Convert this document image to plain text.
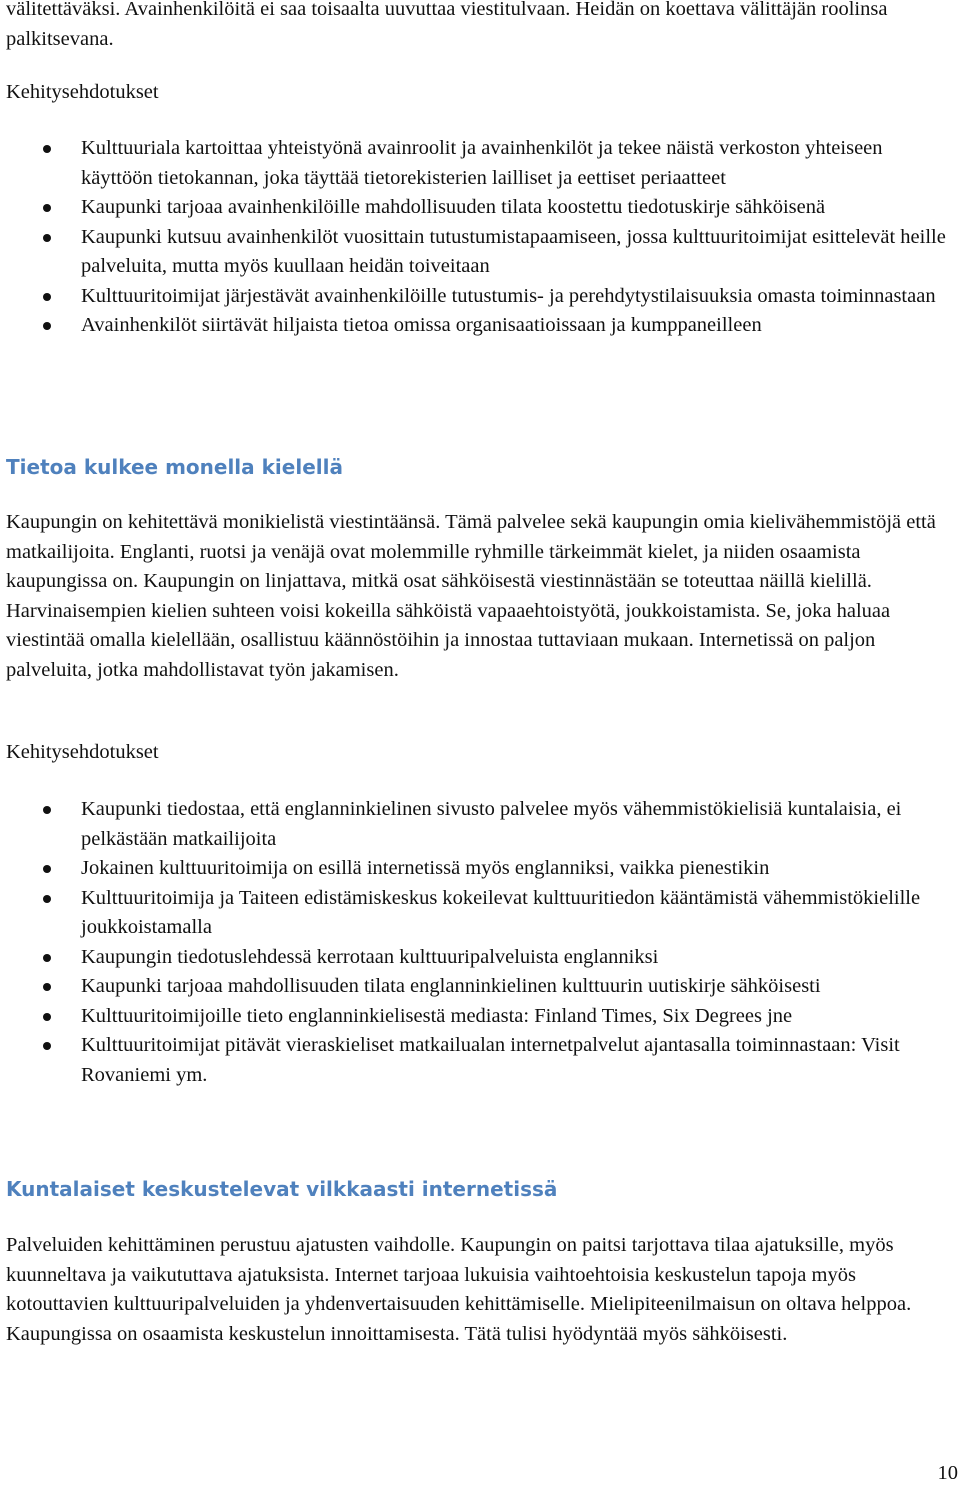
välitettäväksi. Avainhenkilöitä ei saa toisaalta uuvuttaa viestitulvaan. Heidän on koettava välittäjän roolinsa palkitsevana.

Kehitysehdotukset

Kulttuuriala kartoittaa yhteistyönä avainroolit ja avainhenkilöt ja tekee näistä verkoston yhteiseen käyttöön tietokannan, joka täyttää tietorekisterien lailliset ja eettiset periaatteet
Kaupunki tarjoaa avainhenkilöille mahdollisuuden tilata koostettu tiedotuskirje sähköisenä
Kaupunki kutsuu avainhenkilöt vuosittain tutustumistapaamiseen, jossa kulttuuritoimijat esittelevät heille palveluita, mutta myös kuullaan heidän toiveitaan
Kulttuuritoimijat järjestävät avainhenkilöille tutustumis- ja perehdytystilaisuuksia omasta toiminnastaan
Avainhenkilöt siirtävät hiljaista tietoa omissa organisaatioissaan ja kumppaneilleen
Tietoa kulkee monella kielellä

Kaupungin on kehitettävä monikielistä viestintäänsä. Tämä palvelee sekä kaupungin omia kielivähemmistöjä että matkailijoita. Englanti, ruotsi ja venäjä ovat molemmille ryhmille tärkeimmät kielet, ja niiden osaamista kaupungissa on. Kaupungin on linjattava, mitkä osat sähköisestä viestinnästään se toteuttaa näillä kielillä. Harvinaisempien kielien suhteen voisi kokeilla sähköistä vapaaehtoistyötä, joukkoistamista. Se, joka haluaa viestintää omalla kielellään, osallistuu käännöstöihin ja innostaa tuttaviaan mukaan. Internetissä on paljon palveluita, jotka mahdollistavat työn jakamisen.

Kehitysehdotukset

Kaupunki tiedostaa, että englanninkielinen sivusto palvelee myös vähemmistökielisiä kuntalaisia, ei pelkästään matkailijoita
Jokainen kulttuuritoimija on esillä internetissä myös englanniksi, vaikka pienestikin
Kulttuuritoimija ja Taiteen edistämiskeskus kokeilevat kulttuuritiedon kääntämistä vähemmistökielille joukkoistamalla
Kaupungin tiedotuslehdessä kerrotaan kulttuuripalveluista englanniksi
Kaupunki tarjoaa mahdollisuuden tilata englanninkielinen kulttuurin uutiskirje sähköisesti
Kulttuuritoimijoille tieto englanninkielisestä mediasta: Finland Times, Six Degrees jne
Kulttuuritoimijat pitävät vieraskieliset matkailualan internetpalvelut ajantasalla toiminnastaan: Visit Rovaniemi ym.
Kuntalaiset keskustelevat vilkkaasti internetissä

Palveluiden kehittäminen perustuu ajatusten vaihdolle. Kaupungin on paitsi tarjottava tilaa ajatuksille, myös kuunneltava ja vaikututtava ajatuksista. Internet tarjoaa lukuisia vaihtoehtoisia keskustelun tapoja myös kotouttavien kulttuuripalveluiden ja yhdenvertaisuuden kehittämiselle. Mielipiteenilmaisun on oltava helppoa. Kaupungissa on osaamista keskustelun innoittamisesta. Tätä tulisi hyödyntää myös sähköisesti.

10
